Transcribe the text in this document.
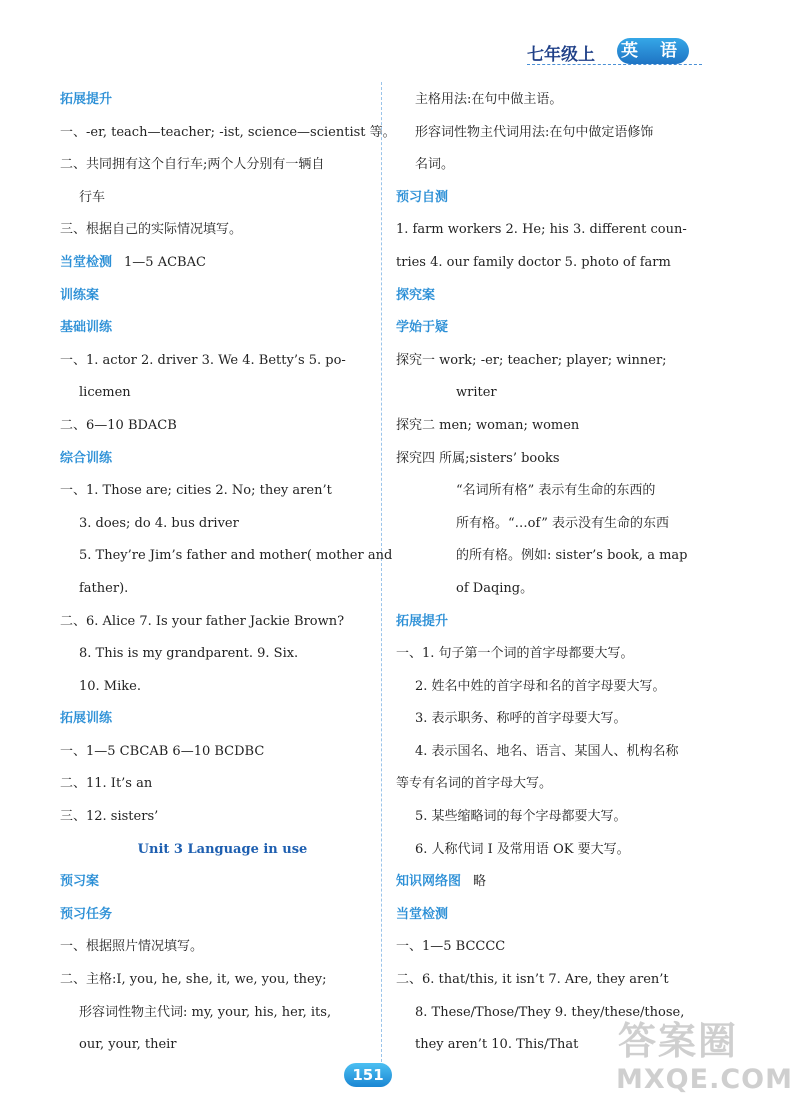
七年级上 英 语
拓展提升
一、-er, teach—teacher; -ist, science—scientist 等。
二、共同拥有这个自行车;两个人分别有一辆自
行车
三、根据自己的实际情况填写。
当堂检测 1—5 ACBAC
训练案
基础训练
一、1. actor 2. driver 3. We 4. Betty’s 5. po-
licemen
二、6—10 BDACB
综合训练
一、1. Those are; cities 2. No; they aren’t
3. does; do 4. bus driver
5. They’re Jim’s father and mother( mother and
father).
二、6. Alice 7. Is your father Jackie Brown?
8. This is my grandparent. 9. Six.
10. Mike.
拓展训练
一、1—5 CBCAB 6—10 BCDBC
二、11. It’s an
三、12. sisters’
Unit 3 Language in use
预习案
预习任务
一、根据照片情况填写。
二、主格:I, you, he, she, it, we, you, they;
形容词性物主代词: my, your, his, her, its,
our, your, their
主格用法:在句中做主语。
形容词性物主代词用法:在句中做定语修饰
名词。
预习自测
1. farm workers 2. He; his 3. different coun-
tries 4. our family doctor 5. photo of farm
探究案
学始于疑
探究一 work; -er; teacher; player; winner;
writer
探究二 men; woman; women
探究四 所属;sisters’ books
“名词所有格” 表示有生命的东西的
所有格。“…of” 表示没有生命的东西
的所有格。例如: sister’s book, a map
of Daqing。
拓展提升
一、1. 句子第一个词的首字母都要大写。
2. 姓名中姓的首字母和名的首字母要大写。
3. 表示职务、称呼的首字母要大写。
4. 表示国名、地名、语言、某国人、机构名称
等专有名词的首字母大写。
5. 某些缩略词的每个字母都要大写。
6. 人称代词 I 及常用语 OK 要大写。
知识网络图 略
当堂检测
一、1—5 BCCCC
二、6. that/this, it isn’t 7. Are, they aren’t
8. These/Those/They 9. they/these/those,
they aren’t 10. This/That
151
答案圈
MXQE.COM
